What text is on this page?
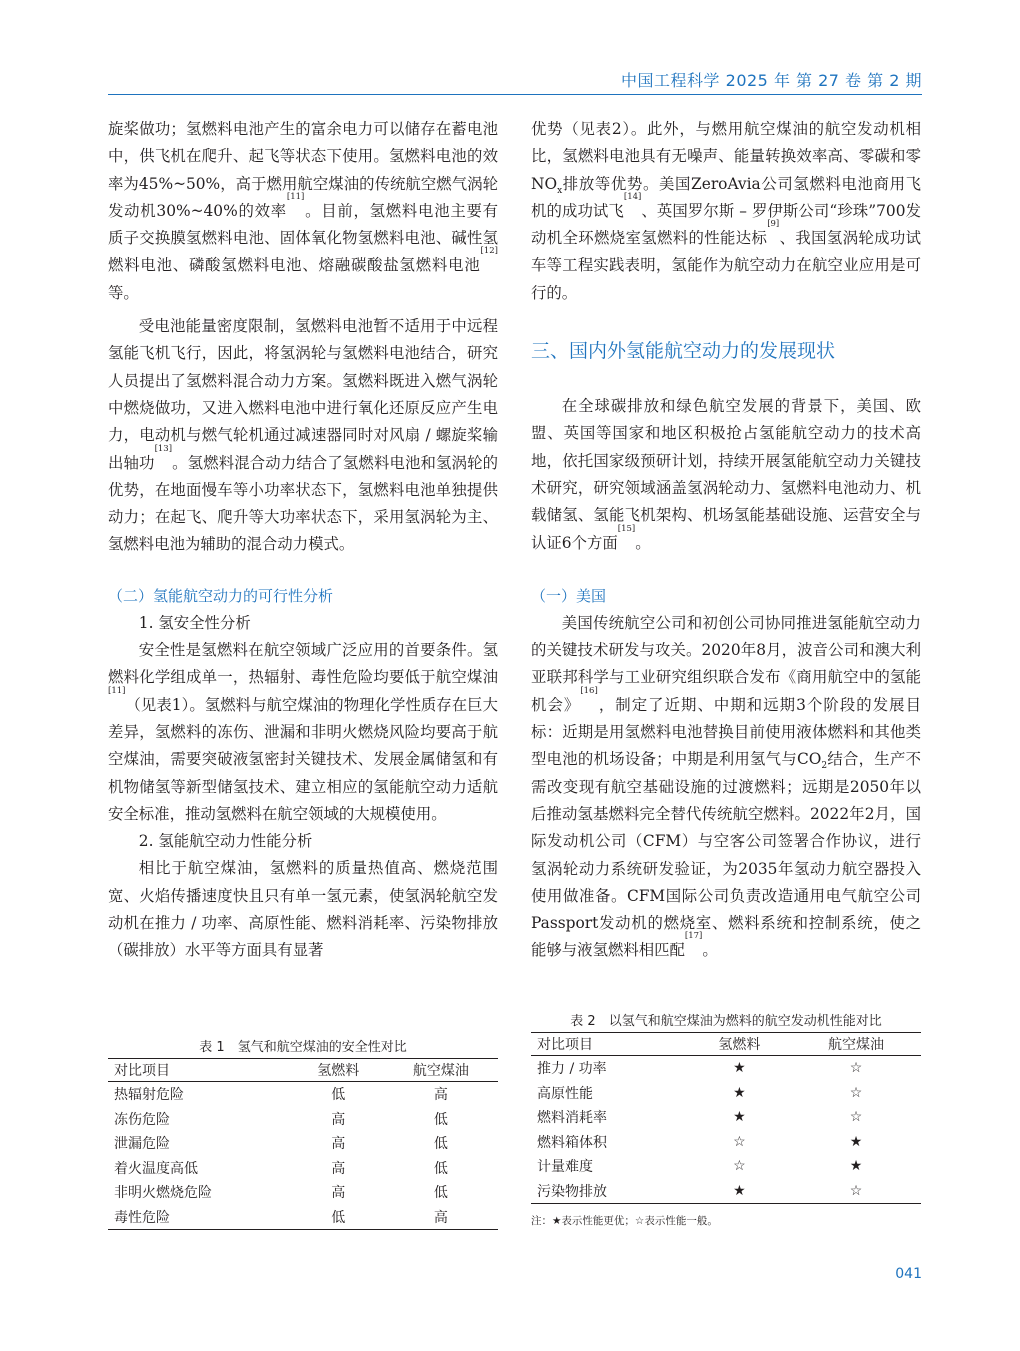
中国工程科学 2025 年 第 27 卷 第 2 期

旋桨做功；氢燃料电池产生的富余电力可以储存在蓄电池中，供飞机在爬升、起飞等状态下使用。氢燃料电池的效率为45%~50%，高于燃用航空煤油的传统航空燃气涡轮发动机30%~40%的效率[11]。目前，氢燃料电池主要有质子交换膜氢燃料电池、固体氧化物氢燃料电池、碱性氢燃料电池、磷酸氢燃料电池、熔融碳酸盐氢燃料电池[12]等。

受电池能量密度限制，氢燃料电池暂不适用于中远程氢能飞机飞行，因此，将氢涡轮与氢燃料电池结合，研究人员提出了氢燃料混合动力方案。氢燃料既进入燃气涡轮中燃烧做功，又进入燃料电池中进行氧化还原反应产生电力，电动机与燃气轮机通过减速器同时对风扇 / 螺旋桨输出轴功[13]。氢燃料混合动力结合了氢燃料电池和氢涡轮的优势，在地面慢车等小功率状态下，氢燃料电池单独提供动力；在起飞、爬升等大功率状态下，采用氢涡轮为主、氢燃料电池为辅助的混合动力模式。

（二）氢能航空动力的可行性分析

1. 氢安全性分析

安全性是氢燃料在航空领域广泛应用的首要条件。氢燃料化学组成单一，热辐射、毒性危险均要低于航空煤油[11]（见表1）。氢燃料与航空煤油的物理化学性质存在巨大差异，氢燃料的冻伤、泄漏和非明火燃烧风险均要高于航空煤油，需要突破液氢密封关键技术、发展金属储氢和有机物储氢等新型储氢技术、建立相应的氢能航空动力适航安全标准，推动氢燃料在航空领域的大规模使用。

2. 氢能航空动力性能分析

相比于航空煤油，氢燃料的质量热值高、燃烧范围宽、火焰传播速度快且只有单一氢元素，使氢涡轮航空发动机在推力 / 功率、高原性能、燃料消耗率、污染物排放（碳排放）水平等方面具有显著

表 1　氢气和航空煤油的安全性对比

对比项目	氢燃料	航空煤油
热辐射危险	低	高
冻伤危险	高	低
泄漏危险	高	低
着火温度高低	高	低
非明火燃烧危险	高	低
毒性危险	低	高

优势（见表2）。此外，与燃用航空煤油的航空发动机相比，氢燃料电池具有无噪声、能量转换效率高、零碳和零$NO_x$排放等优势。美国ZeroAvia公司氢燃料电池商用飞机的成功试飞[14]、英国罗尔斯 – 罗伊斯公司“珍珠”700发动机全环燃烧室氢燃料的性能达标[9]、我国氢涡轮成功试车等工程实践表明，氢能作为航空动力在航空业应用是可行的。

三、国内外氢能航空动力的发展现状

在全球碳排放和绿色航空发展的背景下，美国、欧盟、英国等国家和地区积极抢占氢能航空动力的技术高地，依托国家级预研计划，持续开展氢能航空动力关键技术研究，研究领域涵盖氢涡轮动力、氢燃料电池动力、机载储氢、氢能飞机架构、机场氢能基础设施、运营安全与认证6个方面[15]。

（一）美国

美国传统航空公司和初创公司协同推进氢能航空动力的关键技术研发与攻关。2020年8月，波音公司和澳大利亚联邦科学与工业研究组织联合发布《商用航空中的氢能机会》[16]，制定了近期、中期和远期3个阶段的发展目标：近期是用氢燃料电池替换目前使用液体燃料和其他类型电池的机场设备；中期是利用氢气与$CO_2$结合，生产不需改变现有航空基础设施的过渡燃料；远期是2050年以后推动氢基燃料完全替代传统航空燃料。2022年2月，国际发动机公司（CFM）与空客公司签署合作协议，进行氢涡轮动力系统研发验证，为2035年氢动力航空器投入使用做准备。CFM国际公司负责改造通用电气航空公司Passport发动机的燃烧室、燃料系统和控制系统，使之能够与液氢燃料相匹配[17]。

表 2　以氢气和航空煤油为燃料的航空发动机性能对比

对比项目	氢燃料	航空煤油
推力 / 功率	★	☆
高原性能	★	☆
燃料消耗率	★	☆
燃料箱体积	☆	★
计量难度	☆	★
污染物排放	★	☆

注：★表示性能更优；☆表示性能一般。

041
